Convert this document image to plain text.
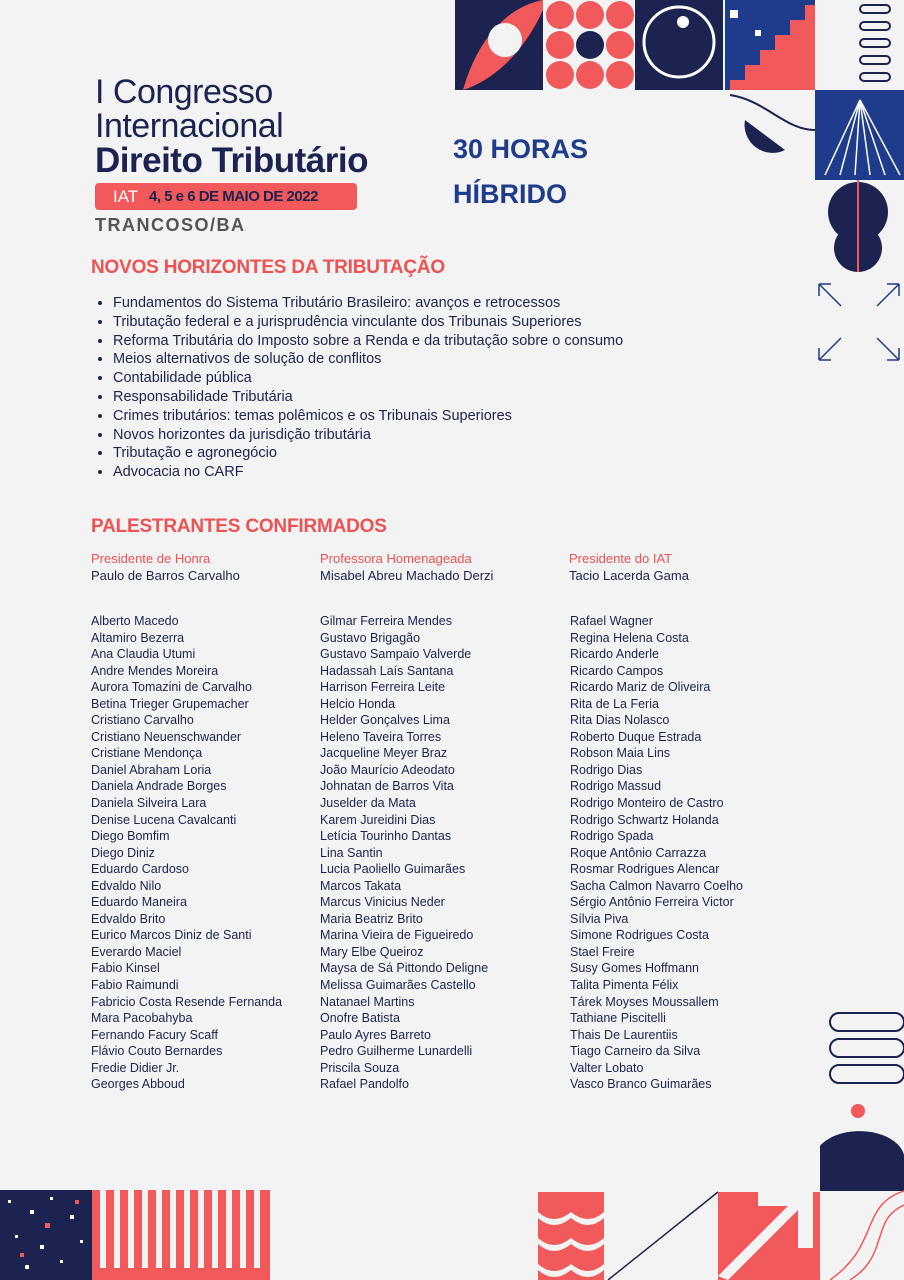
I Congresso
Internacional
Direito Tributário
IAT 4, 5 e 6 DE MAIO DE 2022
TRANCOSO/BA
30 HORAS
HÍBRIDO
NOVOS HORIZONTES DA TRIBUTAÇÃO
• Fundamentos do Sistema Tributário Brasileiro: avanços e retrocessos
• Tributação federal e a jurisprudência vinculante dos Tribunais Superiores
• Reforma Tributária do Imposto sobre a Renda e da tributação sobre o consumo
• Meios alternativos de solução de conflitos
• Contabilidade pública
• Responsabilidade Tributária
• Crimes tributários: temas polêmicos e os Tribunais Superiores
• Novos horizontes da jurisdição tributária
• Tributação e agronegócio
• Advocacia no CARF
PALESTRANTES CONFIRMADOS
Presidente de Honra
Paulo de Barros Carvalho
Professora Homenageada
Misabel Abreu Machado Derzi
Presidente do IAT
Tacio Lacerda Gama
Alberto Macedo
Altamiro Bezerra
Ana Claudia Utumi
Andre Mendes Moreira
Aurora Tomazini de Carvalho
Betina Trieger Grupemacher
Cristiano Carvalho
Cristiano Neuenschwander
Cristiane Mendonça
Daniel Abraham Loria
Daniela Andrade Borges
Daniela Silveira Lara
Denise Lucena Cavalcanti
Diego Bomfim
Diego Diniz
Eduardo Cardoso
Edvaldo Nilo
Eduardo Maneira
Edvaldo Brito
Eurico Marcos Diniz de Santi
Everardo Maciel
Fabio Kinsel
Fabio Raimundi
Fabricio Costa Resende Fernanda
Mara Pacobahyba
Fernando Facury Scaff
Flávio Couto Bernardes
Fredie Didier Jr.
Georges Abboud
Gilmar Ferreira Mendes
Gustavo Brigagão
Gustavo Sampaio Valverde
Hadassah Laís Santana
Harrison Ferreira Leite
Helcio Honda
Helder Gonçalves Lima
Heleno Taveira Torres
Jacqueline Meyer Braz
João Maurício Adeodato
Johnatan de Barros Vita
Juselder da Mata
Karem Jureidini Dias
Letícia Tourinho Dantas
Lina Santin
Lucia Paoliello Guimarães
Marcos Takata
Marcus Vinicius Neder
Maria Beatriz Brito
Marina Vieira de Figueiredo
Mary Elbe Queiroz
Maysa de Sá Pittondo Deligne
Melissa Guimarães Castello
Natanael Martins
Onofre Batista
Paulo Ayres Barreto
Pedro Guilherme Lunardelli
Priscila Souza
Rafael Pandolfo
Rafael Wagner
Regina Helena Costa
Ricardo Anderle
Ricardo Campos
Ricardo Mariz de Oliveira
Rita de La Feria
Rita Dias Nolasco
Roberto Duque Estrada
Robson Maia Lins
Rodrigo Dias
Rodrigo Massud
Rodrigo Monteiro de Castro
Rodrigo Schwartz Holanda
Rodrigo Spada
Roque Antônio Carrazza
Rosmar Rodrigues Alencar
Sacha Calmon Navarro Coelho
Sérgio Antônio Ferreira Victor
Sílvia Piva
Simone Rodrigues Costa
Stael Freire
Susy Gomes Hoffmann
Talita Pimenta Félix
Tárek Moyses Moussallem
Tathiane Piscitelli
Thais De Laurentiis
Tiago Carneiro da Silva
Valter Lobato
Vasco Branco Guimarães
